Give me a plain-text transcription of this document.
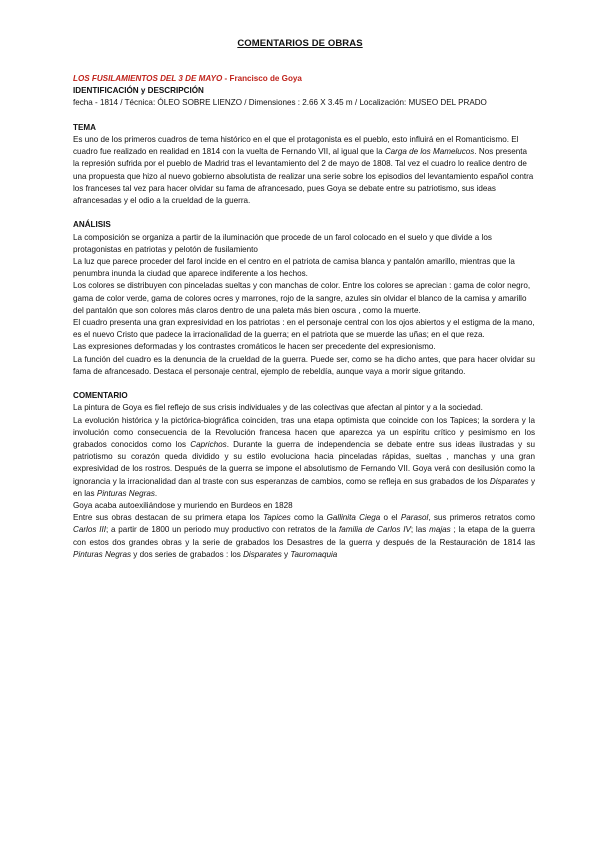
COMENTARIOS DE OBRAS

LOS FUSILAMIENTOS DEL 3 DE MAYO - Francisco de Goya

IDENTIFICACIÓN y DESCRIPCIÓN

fecha - 1814 / Técnica: ÓLEO SOBRE LIENZO / Dimensiones : 2.66 X 3.45 m / Localización: MUSEO DEL PRADO

TEMA

Es uno de los primeros cuadros de tema histórico en el que el protagonista es el pueblo, esto influirá en el Romanticismo. El cuadro fue realizado en realidad en 1814 con la vuelta de Fernando VII, al igual que la Carga de los Mamelucos. Nos presenta la represión sufrida por el pueblo de Madrid tras el levantamiento del 2 de mayo de 1808. Tal vez el cuadro lo realice dentro de una propuesta que hizo al nuevo gobierno absolutista de realizar una serie sobre los episodios del levantamiento español contra los franceses tal vez para hacer olvidar su fama de afrancesado, pues Goya se debate entre su patriotismo, sus ideas afrancesadas y el odio a la crueldad de la guerra.

ANÁLISIS

La composición se organiza a partir de la iluminación que procede de un farol colocado en el suelo y que divide a los protagonistas en patriotas y pelotón de fusilamiento

La luz que parece proceder del farol incide en el centro en el patriota de camisa blanca y pantalón amarillo, mientras que la penumbra inunda la ciudad que aparece indiferente a los hechos.

Los colores se distribuyen con pinceladas sueltas y con manchas de color. Entre los colores se aprecian : gama de color negro, gama de color verde, gama de colores ocres y marrones, rojo de la sangre, azules sin olvidar el blanco de la camisa y amarillo del pantalón que son colores más claros dentro de una paleta más bien oscura , como la muerte.

El cuadro presenta una gran expresividad en los patriotas : en el personaje central con los ojos abiertos y el estigma de la mano, es el nuevo Cristo que padece la irracionalidad de la guerra; en el patriota que se muerde las uñas; en el que reza.

Las expresiones deformadas y los contrastes cromáticos le hacen ser precedente del expresionismo.

La función del cuadro es la denuncia de la crueldad de la guerra. Puede ser, como se ha dicho antes, que para hacer olvidar su fama de afrancesado. Destaca el personaje central, ejemplo de rebeldía, aunque vaya a morir sigue gritando.

COMENTARIO

La pintura de Goya es fiel reflejo de sus crisis individuales y de las colectivas que afectan al pintor y a la sociedad.

La evolución histórica y la pictórica-biográfica coinciden, tras una etapa optimista que coincide con los Tapices; la sordera y la involución como consecuencia de la Revolución francesa hacen que aparezca ya un espíritu crítico y pesimismo en los grabados conocidos como los Caprichos. Durante la guerra de independencia se debate entre sus ideas ilustradas y su patriotismo su corazón queda dividido y su estilo evoluciona hacia pinceladas rápidas, sueltas , manchas y una gran expresividad de los rostros. Después de la guerra se impone el absolutismo de Fernando VII. Goya verá con desilusión como la ignorancia y la irracionalidad dan al traste con sus esperanzas de cambios, como se refleja en sus grabados de los Disparates y en las Pinturas Negras.

Goya acaba autoexiliándose y muriendo en Burdeos en 1828

Entre sus obras destacan de su primera etapa los Tapices como la Gallinita Ciega o el Parasol, sus primeros retratos como Carlos III; a partir de 1800 un periodo muy productivo con retratos de la familia de Carlos IV; las majas ; la etapa de la guerra con estos dos grandes obras y la serie de grabados los Desastres de la guerra y después de la Restauración de 1814 las Pinturas Negras y dos series de grabados : los Disparates y Tauromaquia
